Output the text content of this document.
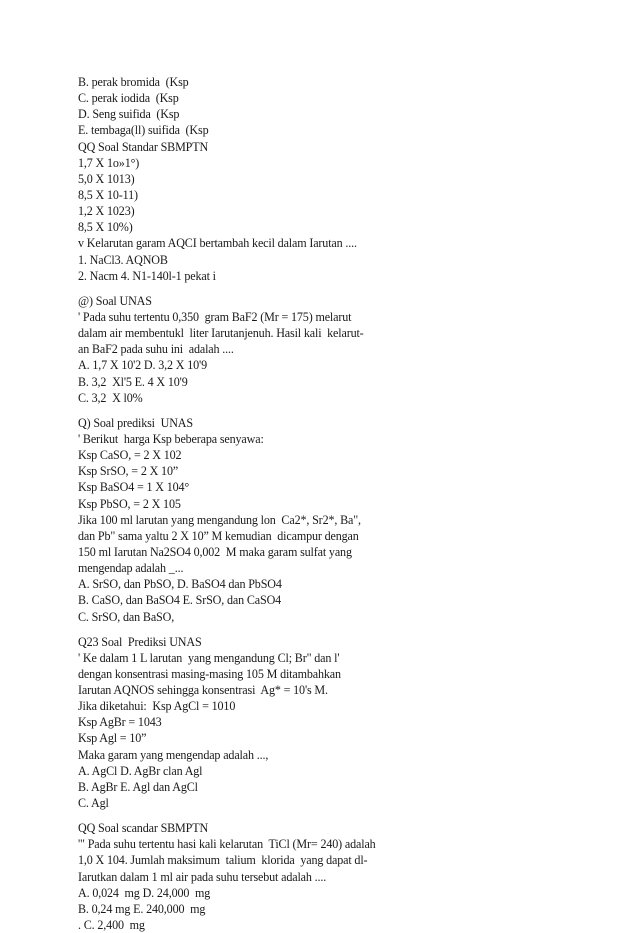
B. perak bromida  (Ksp
C. perak iodida  (Ksp
D. Seng suifida  (Ksp
E. tembaga(ll) suifida  (Ksp
QQ Soal Standar SBMPTN
1,7 X 1o»1°)
5,0 X 1013)
8,5 X 10-11)
1,2 X 1023)
8,5 X 10%)
v Kelarutan garam AQCI bertambah kecil dalam Iarutan ....
1. NaCl3. AQNOB
2. Nacm 4. N1-140l-1 pekat i
@) Soal UNAS
' Pada suhu tertentu 0,350  gram BaF2 (Mr = 175) melarut
dalam air membentukl  liter Iarutanjenuh. Hasil kali  kelarut-
an BaF2 pada suhu ini  adalah ....
A. 1,7 X 10'2 D. 3,2 X 10'9
B. 3,2  Xl'5 E. 4 X 10'9
C. 3,2  X l0%
Q) Soal prediksi  UNAS
' Berikut  harga Ksp beberapa senyawa:
Ksp CaSO, = 2 X 102
Ksp SrSO, = 2 X 10”
Ksp BaSO4 = 1 X 104°
Ksp PbSO, = 2 X 105
Jika 100 ml larutan yang mengandung lon  Ca2*, Sr2*, Ba",
dan Pb" sama yaltu 2 X 10” M kemudian  dicampur dengan
150 ml Iarutan Na2SO4 0,002  M maka garam sulfat yang
mengendap adalah _...
A. SrSO, dan PbSO, D. BaSO4 dan PbSO4
B. CaSO, dan BaSO4 E. SrSO, dan CaSO4
C. SrSO, dan BaSO,
Q23 Soal  Prediksi UNAS
' Ke dalam 1 L larutan  yang mengandung Cl; Br" dan l'
dengan konsentrasi masing-masing 105 M ditambahkan
Iarutan AQNOS sehingga konsentrasi  Ag* = 10's M.
Jika diketahui:  Ksp AgCl = 1010
Ksp AgBr = 1043
Ksp Agl = 10”
Maka garam yang mengendap adalah ...,
A. AgCl D. AgBr clan Agl
B. AgBr E. Agl dan AgCl
C. Agl
QQ Soal scandar SBMPTN
'" Pada suhu tertentu hasi kali kelarutan  TiCl (Mr= 240) adalah
1,0 X 104. Jumlah maksimum  talium  klorida  yang dapat dl-
Iarutkan dalam 1 ml air pada suhu tersebut adalah ....
A. 0,024  mg D. 24,000  mg
B. 0,24 mg E. 240,000  mg
. C. 2,400  mg
